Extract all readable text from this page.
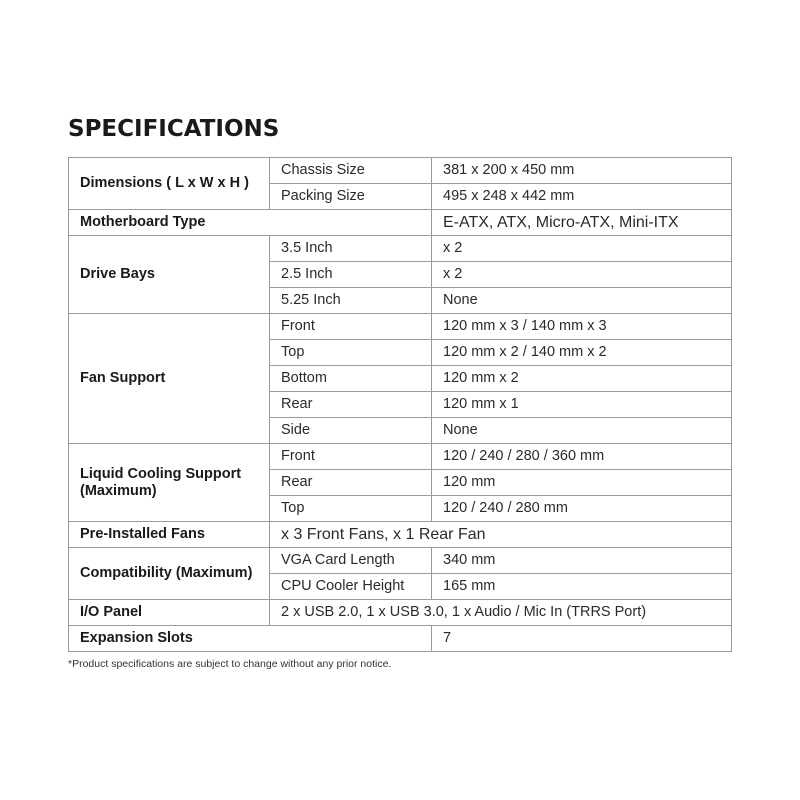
SPECIFICATIONS
Dimensions ( L x W x H )	Chassis Size	381 x 200 x 450 mm
	Packing Size	495 x 248 x 442 mm
Motherboard Type		E-ATX, ATX, Micro-ATX, Mini-ITX
Drive Bays	3.5 Inch	x 2
	2.5 Inch	x 2
	5.25 Inch	None
Fan Support	Front	120 mm x 3 / 140 mm x 3
	Top	120 mm x 2 / 140 mm x 2
	Bottom	120 mm x 2
	Rear	120 mm x 1
	Side	None
Liquid Cooling Support (Maximum)	Front	120 / 240 / 280 / 360 mm
	Rear	120 mm
	Top	120 / 240 / 280 mm
Pre-Installed Fans	x 3 Front Fans, x 1 Rear Fan	
Compatibility (Maximum)	VGA Card Length	340 mm
	CPU Cooler Height	165 mm
I/O Panel	2 x USB 2.0, 1 x USB 3.0, 1 x Audio / Mic In (TRRS Port)	
Expansion Slots		7

*Product specifications are subject to change without any prior notice.
